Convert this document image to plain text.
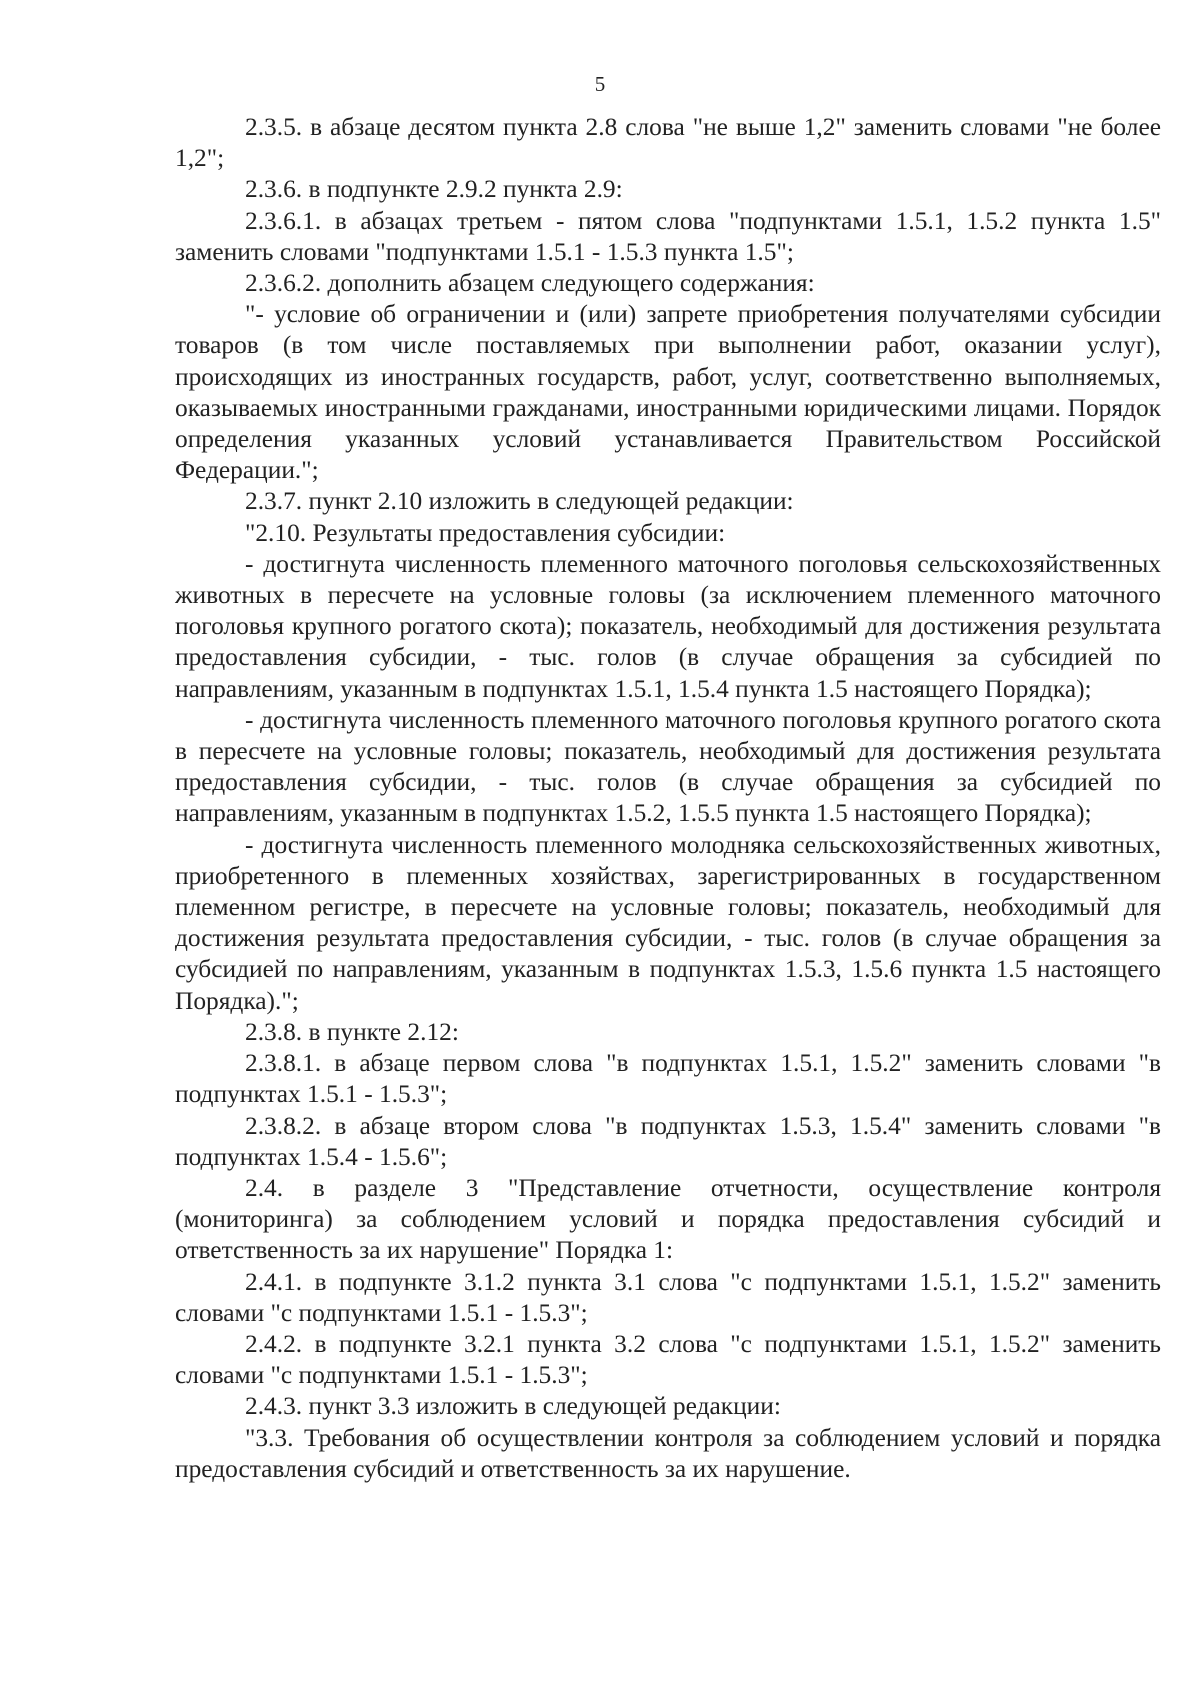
5

2.3.5. в абзаце десятом пункта 2.8 слова "не выше 1,2" заменить словами "не более 1,2";

2.3.6. в подпункте 2.9.2 пункта 2.9:

2.3.6.1. в абзацах третьем - пятом слова "подпунктами 1.5.1, 1.5.2 пункта 1.5" заменить словами "подпунктами 1.5.1 - 1.5.3 пункта 1.5";

2.3.6.2. дополнить абзацем следующего содержания:

"- условие об ограничении и (или) запрете приобретения получателями субсидии товаров (в том числе поставляемых при выполнении работ, оказании услуг), происходящих из иностранных государств, работ, услуг, соответственно выполняемых, оказываемых иностранными гражданами, иностранными юридическими лицами. Порядок определения указанных условий устанавливается Правительством Российской Федерации.";

2.3.7. пункт 2.10 изложить в следующей редакции:

"2.10. Результаты предоставления субсидии:

- достигнута численность племенного маточного поголовья сельскохозяйственных животных в пересчете на условные головы (за исключением племенного маточного поголовья крупного рогатого скота); показатель, необходимый для достижения результата предоставления субсидии, - тыс. голов (в случае обращения за субсидией по направлениям, указанным в подпунктах 1.5.1, 1.5.4 пункта 1.5 настоящего Порядка);

- достигнута численность племенного маточного поголовья крупного рогатого скота в пересчете на условные головы; показатель, необходимый для достижения результата предоставления субсидии, - тыс. голов (в случае обращения за субсидией по направлениям, указанным в подпунктах 1.5.2, 1.5.5 пункта 1.5 настоящего Порядка);

- достигнута численность племенного молодняка сельскохозяйственных животных, приобретенного в племенных хозяйствах, зарегистрированных в государственном племенном регистре, в пересчете на условные головы; показатель, необходимый для достижения результата предоставления субсидии, - тыс. голов (в случае обращения за субсидией по направлениям, указанным в подпунктах 1.5.3, 1.5.6 пункта 1.5 настоящего Порядка).";

2.3.8. в пункте 2.12:

2.3.8.1. в абзаце первом слова "в подпунктах 1.5.1, 1.5.2" заменить словами "в подпунктах 1.5.1 - 1.5.3";

2.3.8.2. в абзаце втором слова "в подпунктах 1.5.3, 1.5.4" заменить словами "в подпунктах 1.5.4 - 1.5.6";

2.4. в разделе 3 "Представление отчетности, осуществление контроля (мониторинга) за соблюдением условий и порядка предоставления субсидий и ответственность за их нарушение" Порядка 1:

2.4.1. в подпункте 3.1.2 пункта 3.1 слова "с подпунктами 1.5.1, 1.5.2" заменить словами "с подпунктами 1.5.1 - 1.5.3";

2.4.2. в подпункте 3.2.1 пункта 3.2 слова "с подпунктами 1.5.1, 1.5.2" заменить словами "с подпунктами 1.5.1 - 1.5.3";

2.4.3. пункт 3.3 изложить в следующей редакции:

"3.3. Требования об осуществлении контроля за соблюдением условий и порядка предоставления субсидий и ответственность за их нарушение.
